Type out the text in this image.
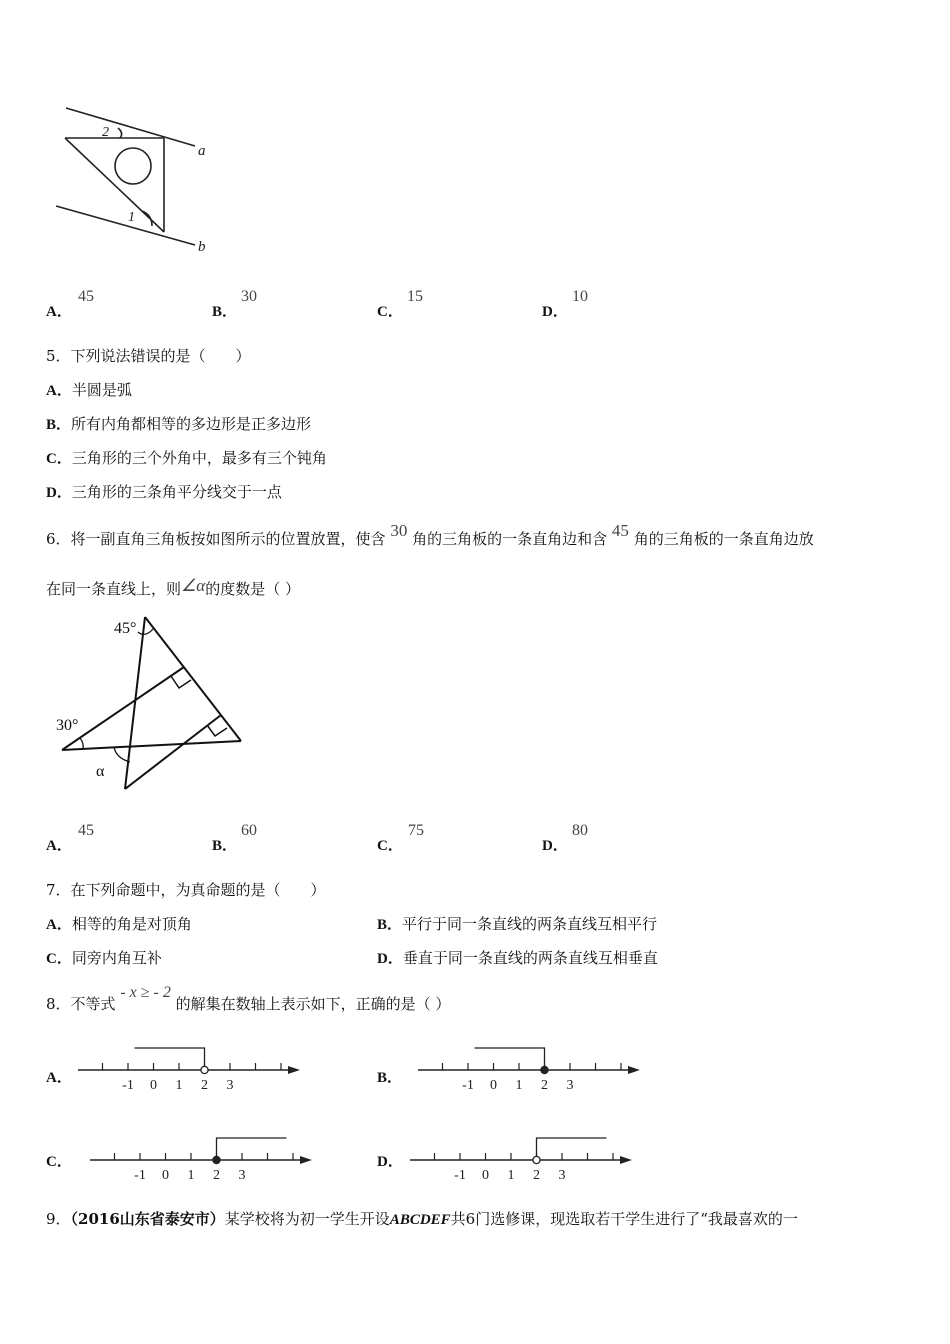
2
1
a
b
A．
45
B．
30
C．
15
D．
10
5．下列说法错误的是（　　）
A．半圆是弧
B．所有内角都相等的多边形是正多边形
C．三角形的三个外角中，最多有三个钝角
D．三角形的三条角平分线交于一点
6．将一副直角三角板按如图所示的位置放置，使含 30 角的三角板的一条直角边和含 45 角的三角板的一条直角边放
在同一条直线上，则∠α的度数是（ ）
45°
30°
α
A．
45
B．
60
C．
75
D．
80
7．在下列命题中，为真命题的是（　　）
A．相等的角是对顶角	B．平行于同一条直线的两条直线互相平行
C．同旁内角互补	D．垂直于同一条直线的两条直线互相垂直
8．不等式 - x ≥ - 2 的解集在数轴上表示如下，正确的是（ ）
A．	B．
C．	D．
-1 0 1 2 3	-1 0 1 2 3
-1 0 1 2 3	-1 0 1 2 3
9．（2016山东省泰安市）某学校将为初一学生开设ABCDEF共6门选修课，现选取若干学生进行了“我最喜欢的一
